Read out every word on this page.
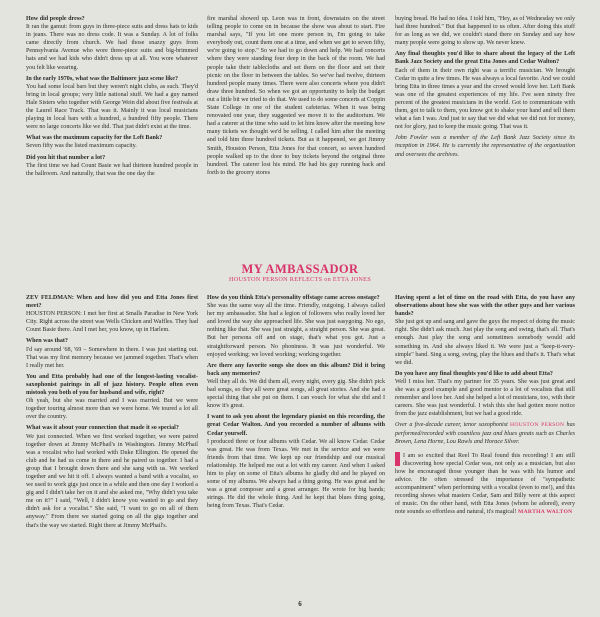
How did people dress?

It ran the gamut: from guys in three-piece suits and dress hats to kids in jeans. There was no dress code. It was a Sunday. A lot of folks came directly from church. We had those snazzy guys from Pennsylvania Avenue who wore three-piece suits and big-brimmed hats and we had kids who didn't dress up at all. You wore whatever you felt like wearing.

In the early 1970s, what was the Baltimore jazz scene like?

You had some local bars but they weren't night clubs, as such. They'd bring in local groups; very little national stuff. We had a guy named Hale Sisters who together with George Wein did about five festivals at the Laurel Race Track. That was it. Mainly it was local musicians playing in local bars with a hundred, a hundred fifty people. There were no large concerts like we did. That just didn't exist at the time.

What was the maximum capacity for the Left Bank?

Seven fifty was the listed maximum capacity.

Did you hit that number a lot?

The first time we had Count Basie we had thirteen hundred people in the ballroom. And naturally, that was the one day the

fire marshal showed up. Leon was in front, downstairs on the street telling people to come on in because the show was about to start. Fire marshal says, "If you let one more person in, I'm going to take everybody out, count them one at a time, and when we get to seven fifty, we're going to stop." So we had to go down and help. We had concerts where they were standing four deep in the back of the room. We had people take their tablecloths and set them on the floor and set their picnic on the floor in between the tables. So we've had twelve, thirteen hundred people many times. There were also concerts where you didn't draw three hundred. So when we got an opportunity to help the budget out a little bit we tried to do that. We used to do some concerts at Coppin State College in one of the student cafeterias. When it was being renovated one year, they suggested we move it to the auditorium. We had a caterer at the time who said to let him know after the meeting how many tickets we thought we'd be selling. I called him after the meeting and told him three hundred tickets. But as it happened, we got Jimmy Smith, Houston Person, Etta Jones for that concert, so seven hundred people walked up to the door to buy tickets beyond the original three hundred. The caterer lost his mind. He had his guy running back and forth to the grocery stores

buying bread. He had no idea. I told him, "Hey, as of Wednesday we only had three hundred." But that happened to us often. After doing this stuff for as long as we did, we couldn't stand there on Sunday and say how many people were going to show up. We never knew.

Any final thoughts you'd like to share about the legacy of the Left Bank Jazz Society and the great Etta Jones and Cedar Walton?

Each of them in their own right was a terrific musician. We brought Cedar in quite a few times. He was always a local favorite. And we could bring Etta in three times a year and the crowd would love her. Left Bank was one of the greatest experiences of my life. I've seen ninety five percent of the greatest musicians in the world. Got to communicate with them, got to talk to them, you know got to shake your hand and tell them what a fan I was. And just to say that we did what we did not for money, not for glory, just to keep the music going. That was it.

John Fowler was a member of the Left Bank Jazz Society since its inception in 1964. He is currently the representative of the organization and oversees the archives.

MY AMBASSADOR
HOUSTON PERSON REFLECTS on ETTA JONES

ZEV FELDMAN: When and how did you and Etta Jones first meet?

HOUSTON PERSON: I met her first at Smalls Paradise in New York City. Right across the street was Wells Chicken and Waffles. They had Count Basie there. And I met her, you know, up in Harlem.

When was that?

I'd say around '68, '69 – Somewhere in there. I was just starting out. That was my first memory because we jammed together. That's when I really met her.

You and Etta probably had one of the longest-lasting vocalist-saxophonist pairings in all of jazz history. People often even mistook you both of you for husband and wife, right?

Oh yeah, but she was married and I was married. But we were together touring almost more than we were home. We toured a lot all over the country.

What was it about your connection that made it so special?

We just connected. When we first worked together, we were paired together down at Jimmy McPhail's in Washington. Jimmy McPhail was a vocalist who had worked with Duke Ellington. He opened the club and he had us come in there and he paired us together. I had a group that I brought down there and she sang with us. We worked together and we hit it off. I always wanted a band with a vocalist, so we used to work gigs just once in a while and then one day I worked a gig and I didn't take her on it and she asked me, "Why didn't you take me on it?" I said, "Well, I didn't know you wanted to go and they didn't ask for a vocalist." She said, "I want to go on all of them anyway." From there we started going on all the gigs together and that's the way we started. Right there at Jimmy McPhail's.

How do you think Etta's personality offstage came across onstage?

She was the same way all the time. Friendly, outgoing. I always called her my ambassador. She had a legion of followers who really loved her and loved the way she approached life. She was just easygoing. No ego, nothing like that. She was just straight, a straight person. She was great. But her persona off and on stage, that's what you got. Just a straightforward person. No phoniness. It was just wonderful. We enjoyed working; we loved working; working together.

Are there any favorite songs she does on this album? Did it bring back any memories?

Well they all do. We did them all, every night, every gig. She didn't pick bad songs, so they all were great songs, all great stories. And she had a special thing that she put on them. I can vouch for what she did and I know it's great.

I want to ask you about the legendary pianist on this recording, the great Cedar Walton. And you recorded a number of albums with Cedar yourself.

I produced three or four albums with Cedar. We all know Cedar. Cedar was great. He was from Texas. We met in the service and we were friends from that time. We kept up our friendship and our musical relationship. He helped me out a lot with my career. And when I asked him to play on some of Etta's albums he gladly did and he played on some of my albums. We always had a thing going. He was great and he was a great composer and a great arranger. He wrote for big bands; strings. He did the whole thing. And he kept that blues thing going, being from Texas. That's Cedar.

Having spent a lot of time on the road with Etta, do you have any observations about how she was with the other guys and her various bands?

She just got up and sang and gave the guys the respect of doing the music right. She didn't ask much. Just play the song and swing, that's all. That's enough. Just play the song and sometimes somebody would add something in. And she always liked it. We were just a "keep-it-very-simple" band. Sing a song, swing, play the blues and that's it. That's what we did.

Do you have any final thoughts you'd like to add about Etta?

Well I miss her. That's my partner for 35 years. She was just great and she was a good example and good mentor to a lot of vocalists that still remember and love her. And she helped a lot of musicians, too, with their careers. She was just wonderful. I wish this she had gotten more notice from the jazz establishment, but we had a good ride.

Over a five-decade career, tenor saxophonist HOUSTON PERSON has performed/recorded with countless jazz and blues greats such as Charles Brown, Lena Horne, Lou Rawls and Horace Silver.

I am so excited that Reel To Real found this recording! I am still discovering how special Cedar was, not only as a musician, but also how he encouraged those younger than he was with his humor and advice. He often stressed the importance of "sympathetic accompaniment" when performing with a vocalist (even to me!), and this recording shows what masters Cedar, Sam and Billy were at this aspect of music. On the other hand, with Etta Jones (whom he adored), every note sounds so effortless and natural, it's magical! MARTHA WALTON

6
